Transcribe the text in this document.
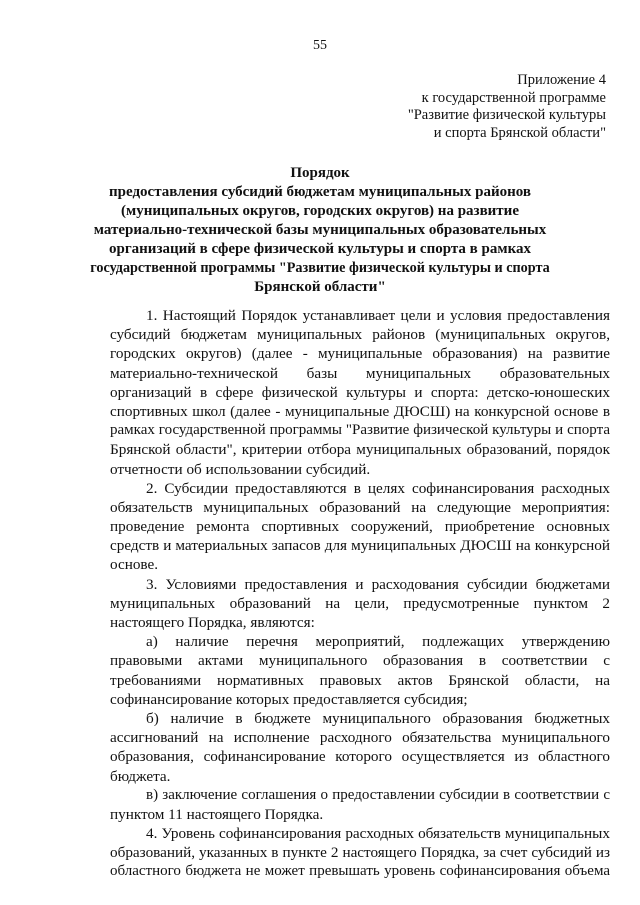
55
Приложение 4
к государственной программе
"Развитие физической культуры
и спорта Брянской области"
Порядок
предоставления субсидий бюджетам муниципальных районов
(муниципальных округов, городских округов) на развитие
материально-технической базы муниципальных образовательных
организаций в сфере физической культуры и спорта в рамках
государственной программы "Развитие физической культуры и спорта
Брянской области"
1. Настоящий Порядок устанавливает цели и условия предоставления
субсидий бюджетам муниципальных районов (муниципальных округов,
городских округов) (далее - муниципальные образования) на развитие
материально-технической базы муниципальных образовательных
организаций в сфере физической культуры и спорта: детско-юношеских
спортивных школ (далее - муниципальные ДЮСШ) на конкурсной основе в
рамках государственной программы "Развитие физической культуры и спорта
Брянской области", критерии отбора муниципальных образований, порядок
отчетности об использовании субсидий.
2. Субсидии предоставляются в целях софинансирования расходных
обязательств муниципальных образований на следующие мероприятия:
проведение ремонта спортивных сооружений, приобретение основных
средств и материальных запасов для муниципальных ДЮСШ на конкурсной
основе.
3. Условиями предоставления и расходования субсидии бюджетами
муниципальных образований на цели, предусмотренные пунктом 2
настоящего Порядка, являются:
а) наличие перечня мероприятий, подлежащих утверждению
правовыми актами муниципального образования в соответствии с
требованиями нормативных правовых актов Брянской области, на
софинансирование которых предоставляется субсидия;
б) наличие в бюджете муниципального образования бюджетных
ассигнований на исполнение расходного обязательства муниципального
образования, софинансирование которого осуществляется из областного
бюджета.
в) заключение соглашения о предоставлении субсидии в соответствии с
пунктом 11 настоящего Порядка.
4. Уровень софинансирования расходных обязательств муниципальных
образований, указанных в пункте 2 настоящего Порядка, за счет субсидий из
областного бюджета не может превышать уровень софинансирования объема
